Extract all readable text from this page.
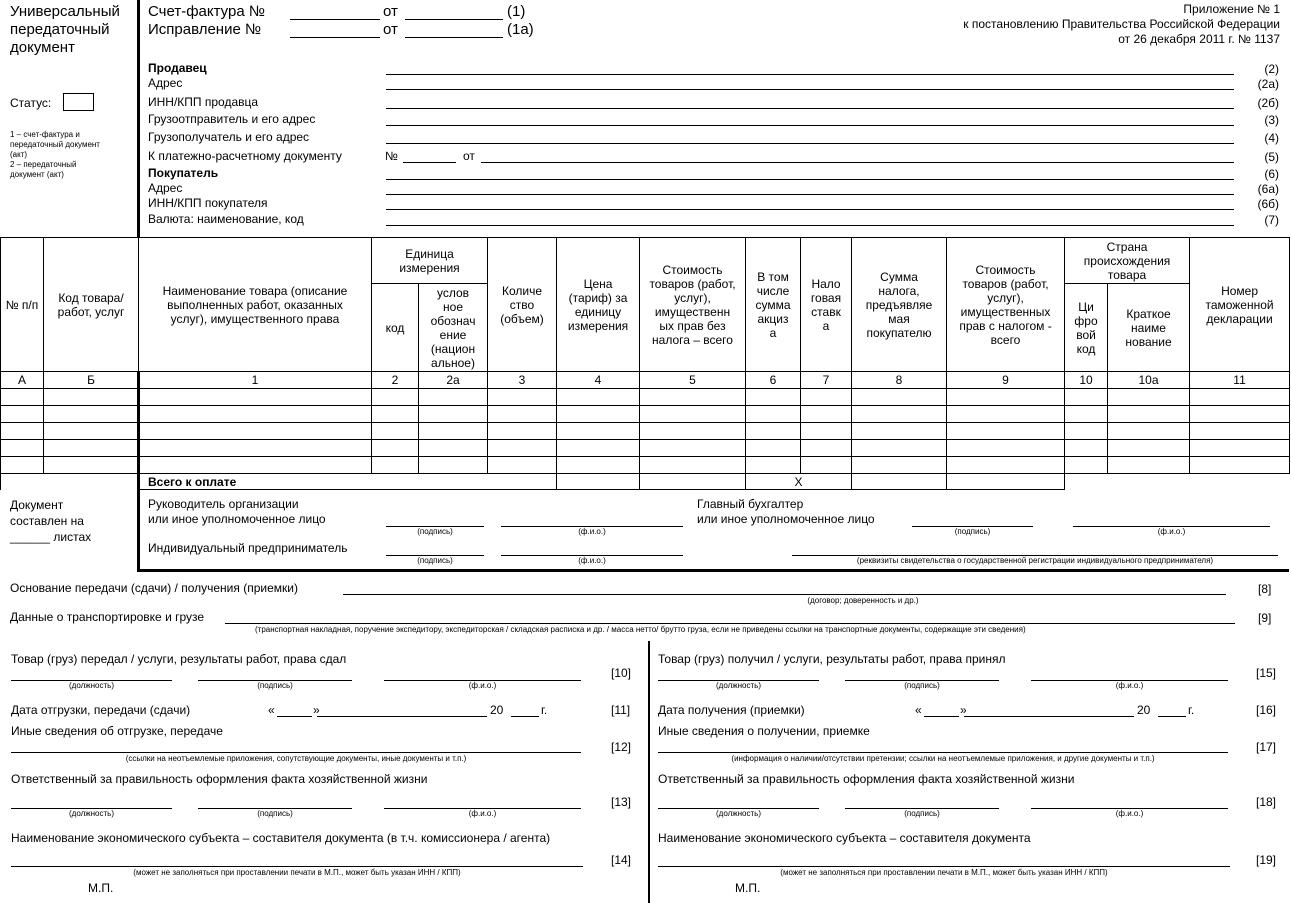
Универсальный
передаточный
документ
Счет-фактура №	от	(1)
Исправление №	от	(1а)
Приложение № 1
к постановлению Правительства Российской Федерации
от 26 декабря 2011 г. № 1137
Статус:
1 – счет-фактура и
передаточный документ
(акт)
2 – передаточный
документ (акт)
Продавец	(2)
Адрес	(2а)
ИНН/КПП продавца	(2б)
Грузоотправитель и его адрес	(3)
Грузополучатель и его адрес	(4)
К платежно-расчетному документу	№	от	(5)
Покупатель	(6)
Адрес	(6а)
ИНН/КПП покупателя	(6б)
Валюта: наименование, код	(7)
№ п/п	Код товара/ работ, услуг	Наименование товара (описание выполненных работ, оказанных услуг), имущественного права	Единица измерения		Количе ство (объем)	Цена (тариф) за единицу измерения	Стоимость товаров (работ, услуг), имущественн ых прав без налога – всего	В том числе сумма акциз а	Нало говая ставк а	Сумма налога, предъявляе мая покупателю	Стоимость товаров (работ, услуг), имущественных прав с налогом - всего	Страна происхождения товара		Номер таможенной декларации
			код	услов ное обознач ение (национ альное)								Ци фро вой код	Краткое наиме нование	
А	Б	1	2	2а	3	4	5	6	7	8	9	10	10а	11

		Всего к оплате						X						
Документ
составлен на
______ листах
Руководитель организации
или иное уполномоченное лицо
(подпись)	(ф.и.о.)
Главный бухгалтер
или иное уполномоченное лицо
(подпись)	(ф.и.о.)
Индивидуальный предприниматель
(подпись)	(ф.и.о.)	(реквизиты свидетельства о государственной регистрации индивидуального предпринимателя)
Основание передачи (сдачи) / получения (приемки)
(договор; доверенность и др.)
[8]
Данные о транспортировке и грузе
(транспортная накладная, поручение экспедитору, экспедиторская / складская расписка и др. / масса нетто/ брутто груза, если не приведены ссылки на транспортные документы, содержащие эти сведения)
[9]
Товар (груз) передал / услуги, результаты работ, права сдал
(должность)	(подпись)	(ф.и.о.)
[10]
Дата отгрузки, передачи (сдачи)	«	»	20	г.	[11]
Иные сведения об отгрузке, передаче
(ссылки на неотъемлемые приложения, сопутствующие документы, иные документы и т.п.)
[12]
Ответственный за правильность оформления факта хозяйственной жизни
(должность)	(подпись)	(ф.и.о.)
[13]
Наименование экономического субъекта – составителя документа (в т.ч. комиссионера / агента)
(может не заполняться при проставлении печати в М.П., может быть указан ИНН / КПП)
[14]
М.П.
Товар (груз) получил / услуги, результаты работ, права принял
(должность)	(подпись)	(ф.и.о.)
[15]
Дата получения (приемки)	«	»	20	г.	[16]
Иные сведения о получении, приемке
(информация о наличии/отсутствии претензии; ссылки на неотъемлемые приложения, и другие документы и т.п.)
[17]
Ответственный за правильность оформления факта хозяйственной жизни
(должность)	(подпись)	(ф.и.о.)
[18]
Наименование экономического субъекта – составителя документа
(может не заполняться при проставлении печати в М.П., может быть указан ИНН / КПП)
[19]
М.П.
